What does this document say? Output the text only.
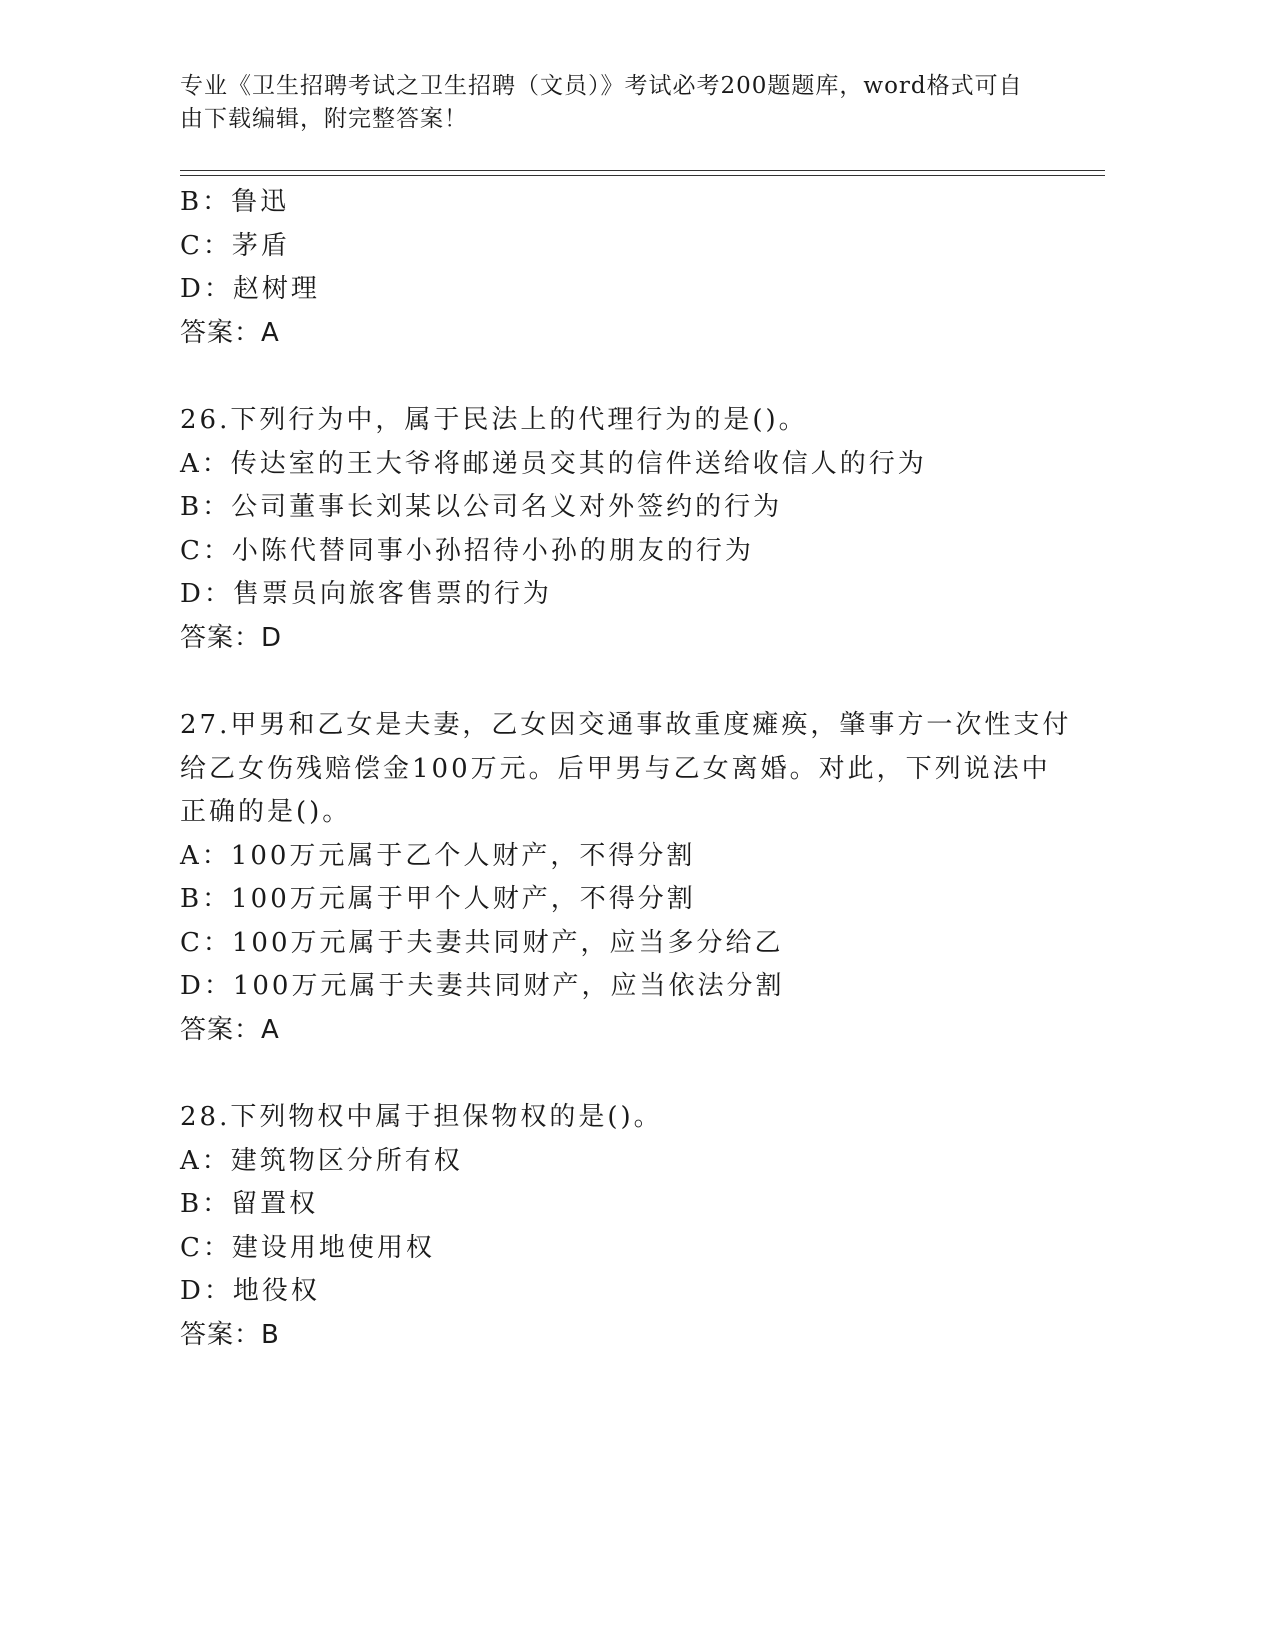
专业《卫生招聘考试之卫生招聘（文员）》考试必考200题题库，word格式可自
由下载编辑，附完整答案！
B：鲁迅
C：茅盾
D：赵树理
答案：A
26.下列行为中，属于民法上的代理行为的是()。
A：传达室的王大爷将邮递员交其的信件送给收信人的行为
B：公司董事长刘某以公司名义对外签约的行为
C：小陈代替同事小孙招待小孙的朋友的行为
D：售票员向旅客售票的行为
答案：D
27.甲男和乙女是夫妻，乙女因交通事故重度瘫痪，肇事方一次性支付
给乙女伤残赔偿金100万元。后甲男与乙女离婚。对此，下列说法中
正确的是()。
A：100万元属于乙个人财产，不得分割
B：100万元属于甲个人财产，不得分割
C：100万元属于夫妻共同财产，应当多分给乙
D：100万元属于夫妻共同财产，应当依法分割
答案：A
28.下列物权中属于担保物权的是()。
A：建筑物区分所有权
B：留置权
C：建设用地使用权
D：地役权
答案：B
